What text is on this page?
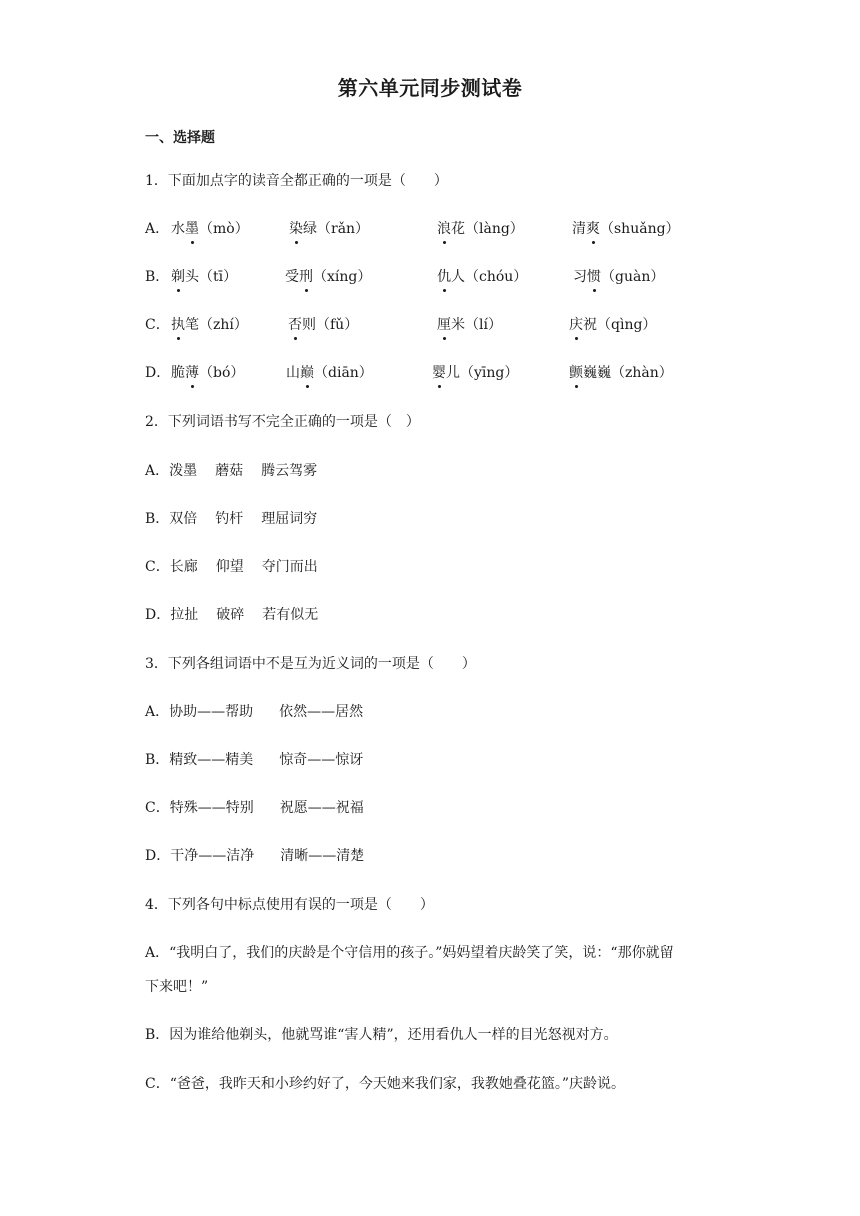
第六单元同步测试卷
一、选择题
1．下面加点字的读音全都正确的一项是（　　）
A． 水墨（mò）	染绿（rǎn）	浪花（làng）	清爽（shuǎng）
B． 剃头（tī）	受刑（xíng）	仇人（chóu）	习惯（guàn）
C． 执笔（zhí）	否则（fǔ）	厘米（lí）	庆祝（qìng）
D． 脆薄（bó）	山巅（diān）	婴儿（yīng）	颤巍巍（zhàn）
2．下列词语书写不完全正确的一项是（　）
A．泼墨 蘑菇 腾云驾雾
B．双倍 钓杆 理屈词穷
C．长廊 仰望 夺门而出
D．拉扯 破碎 若有似无
3．下列各组词语中不是互为近义词的一项是（　　）
A．协助——帮助 依然——居然
B．精致——精美 惊奇——惊讶
C．特殊——特别 祝愿——祝福
D．干净——洁净 清晰——清楚
4．下列各句中标点使用有误的一项是（　　）
A．“我明白了，我们的庆龄是个守信用的孩子。”妈妈望着庆龄笑了笑，说：“那你就留
下来吧！”
B．因为谁给他剃头，他就骂谁“害人精”，还用看仇人一样的目光怒视对方。
C．“爸爸，我昨天和小珍约好了，今天她来我们家，我教她叠花篮。”庆龄说。
